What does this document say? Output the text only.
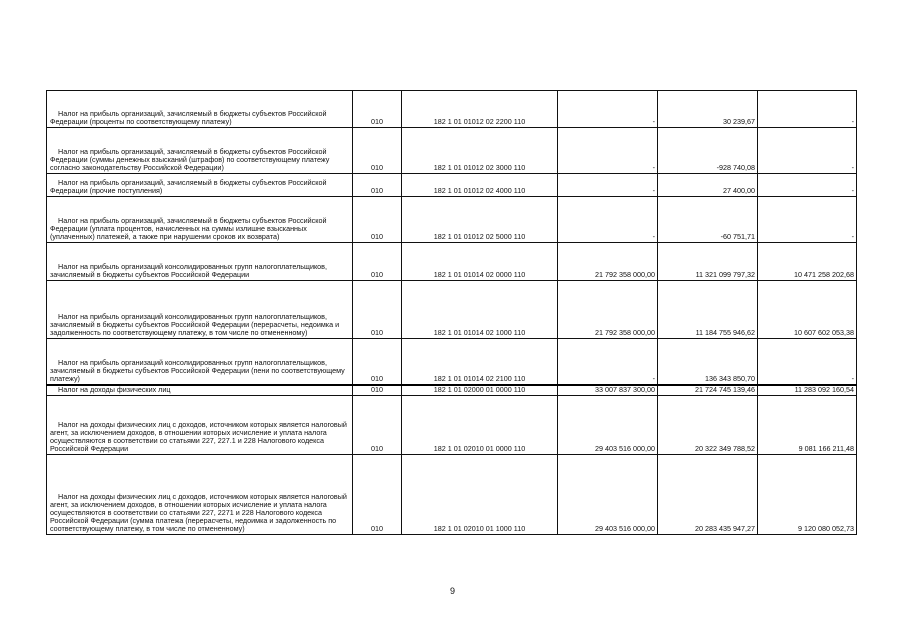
Налог на прибыль организаций, зачисляемый в бюджеты субъектов Российской Федерации (проценты по соответствующему платежу)	010	182 1 01 01012 02 2200 110	-	30 239,67	-

Налог на прибыль организаций, зачисляемый в бюджеты субъектов Российской Федерации (суммы денежных взысканий (штрафов) по соответствующему платежу согласно законодательству Российской Федерации)	010	182 1 01 01012 02 3000 110	-	-928 740,08	-

Налог на прибыль организаций, зачисляемый в бюджеты субъектов Российской Федерации (прочие поступления)	010	182 1 01 01012 02 4000 110	-	27 400,00	-

Налог на прибыль организаций, зачисляемый в бюджеты субъектов Российской Федерации (уплата процентов, начисленных на суммы излишне взысканных (уплаченных) платежей, а также при нарушении сроков их возврата)	010	182 1 01 01012 02 5000 110	-	-60 751,71	-

Налог на прибыль организаций консолидированных групп налогоплательщиков, зачисляемый в бюджеты субъектов Российской Федерации	010	182 1 01 01014 02 0000 110	21 792 358 000,00	11 321 099 797,32	10 471 258 202,68

Налог на прибыль организаций консолидированных групп налогоплательщиков, зачисляемый в бюджеты субъектов Российской Федерации (перерасчеты, недоимка и задолженность по соответствующему платежу, в том числе по отмененному)	010	182 1 01 01014 02 1000 110	21 792 358 000,00	11 184 755 946,62	10 607 602 053,38

Налог на прибыль организаций консолидированных групп налогоплательщиков, зачисляемый в бюджеты субъектов Российской Федерации (пени по соответствующему платежу)	010	182 1 01 01014 02 2100 110	-	136 343 850,70	-

Налог на доходы физических лиц	010	182 1 01 02000 01 0000 110	33 007 837 300,00	21 724 745 139,46	11 283 092 160,54

Налог на доходы физических лиц с доходов, источником которых является налоговый агент, за исключением доходов, в отношении которых исчисление и уплата налога осуществляются в соответствии со статьями 227, 227.1 и 228 Налогового кодекса Российской Федерации	010	182 1 01 02010 01 0000 110	29 403 516 000,00	20 322 349 788,52	9 081 166 211,48

Налог на доходы физических лиц с доходов, источником которых является налоговый агент, за исключением доходов, в отношении которых исчисление и уплата налога осуществляются в соответствии со статьями 227, 2271 и 228 Налогового кодекса Российской Федерации (сумма платежа (перерасчеты, недоимка и задолженность по соответствующему платежу, в том числе по отмененному)	010	182 1 01 02010 01 1000 110	29 403 516 000,00	20 283 435 947,27	9 120 080 052,73
9
